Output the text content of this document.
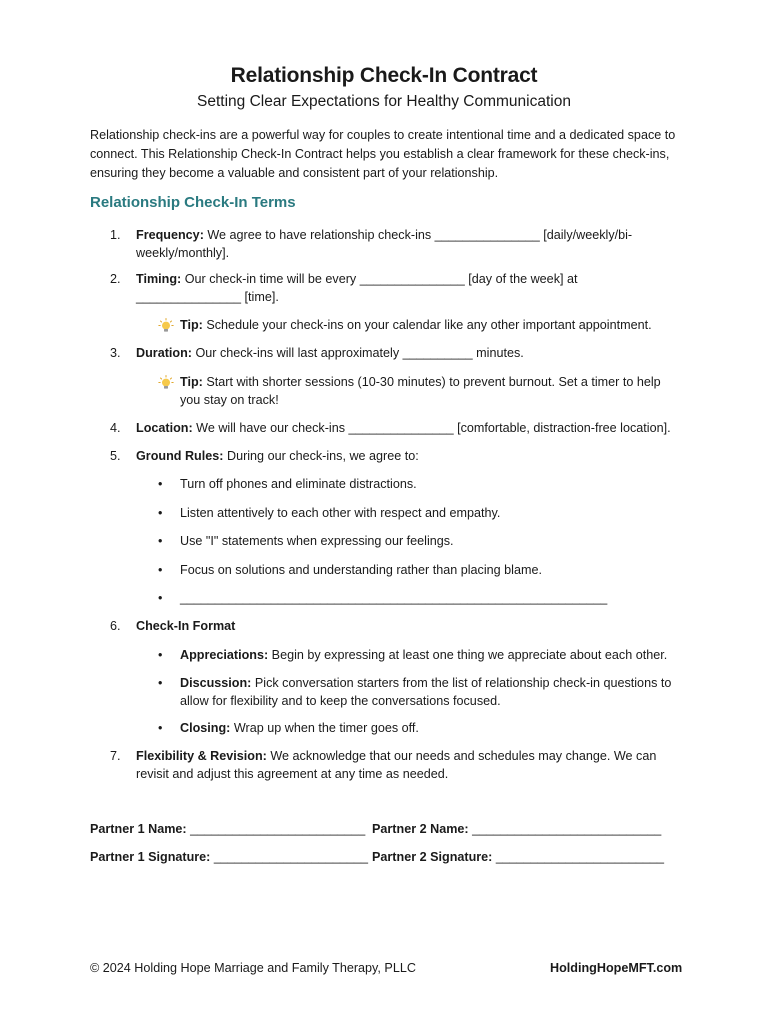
Relationship Check-In Contract
Setting Clear Expectations for Healthy Communication

Relationship check-ins are a powerful way for couples to create intentional time and a dedicated space to connect. This Relationship Check-In Contract helps you establish a clear framework for these check-ins, ensuring they become a valuable and consistent part of your relationship.

Relationship Check-In Terms
1.	Frequency: We agree to have relationship check-ins _______________ [daily/weekly/bi-weekly/monthly].
2.	Timing: Our check-in time will be every _______________ [day of the week] at _______________ [time].
Tip: Schedule your check-ins on your calendar like any other important appointment.
3.	Duration: Our check-ins will last approximately __________ minutes.
Tip: Start with shorter sessions (10-30 minutes) to prevent burnout. Set a timer to help you stay on track!
4.	Location: We will have our check-ins _______________ [comfortable, distraction-free location].
5.	Ground Rules: During our check-ins, we agree to:
•	Turn off phones and eliminate distractions.
•	Listen attentively to each other with respect and empathy.
•	Use "I" statements when expressing our feelings.
•	Focus on solutions and understanding rather than placing blame.
•	_____________________________________________________________
6.	Check-In Format
•	Appreciations: Begin by expressing at least one thing we appreciate about each other.
•	Discussion: Pick conversation starters from the list of relationship check-in questions to allow for flexibility and to keep the conversations focused.
•	Closing: Wrap up when the timer goes off.
7.	Flexibility & Revision: We acknowledge that our needs and schedules may change. We can revisit and adjust this agreement at any time as needed.
Partner 1 Name: _________________________ Partner 2 Name: ___________________________
Partner 1 Signature: ______________________ Partner 2 Signature: ________________________
© 2024 Holding Hope Marriage and Family Therapy, PLLC	HoldingHopeMFT.com
